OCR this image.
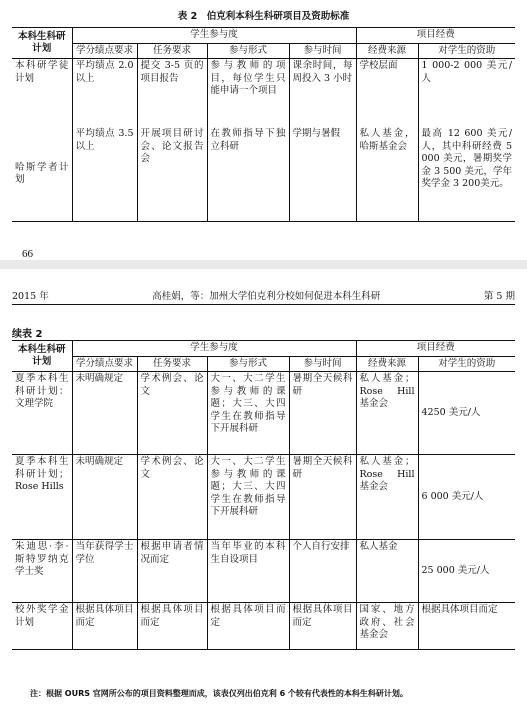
表 2　伯克利本科生科研项目及资助标准
本科生科研计划	学生参与度				项目经费	
	学分绩点要求	任务要求	参与形式	参与时间	经费来源	对学生的资助
本科研学徒计划	平均绩点 2.0 以上	提交 3-5 页的项目报告	参与教师的项目，每位学生只能申请一个项目	课余时间，每周投入 3 小时	学校层面	1 000-2 000 美元/人
哈斯学者计划	平均绩点 3.5 以上	开展项目研讨会、论文报告会	在教师指导下独立科研	学期与暑假	私人基金，哈斯基金会	最高 12 600 美元/人，其中科研经费 5 000 美元，暑期奖学金 3 500 美元，学年奖学金 3 200美元。
66
2015 年	高桂娟，等：加州大学伯克利分校如何促进本科生科研	第 5 期
续表 2
本科生科研计划	学生参与度				项目经费	
	学分绩点要求	任务要求	参与形式	参与时间	经费来源	对学生的资助
夏季本科生科研计划：文理学院	未明确规定	学术例会、论文	大一、大二学生参与教师的课题；大三、大四学生在教师指导下开展科研	暑期全天候科研	私人基金；Rose Hill 基金会	4250 美元/人
夏季本科生科研计划；Rose Hills	未明确规定	学术例会、论文	大一、大二学生参与教师的课题；大三、大四学生在教师指导下开展科研	暑期全天候科研	私人基金；Rose Hill 基金会	6 000 美元/人
朱迪思·李·斯特罗纳克学士奖	当年获得学士学位	根据申请者情况而定	当年毕业的本科生自设项目	个人自行安排	私人基金	25 000 美元/人
校外奖学金计划	根据具体项目而定	根据具体项目而定	根据具体项目而定	根据具体项目而定	国家、地方政府、社会基金会	根据具体项目而定
注：根据 OURS 官网所公布的项目资料整理而成，该表仅列出伯克利 6 个较有代表性的本科生科研计划。
